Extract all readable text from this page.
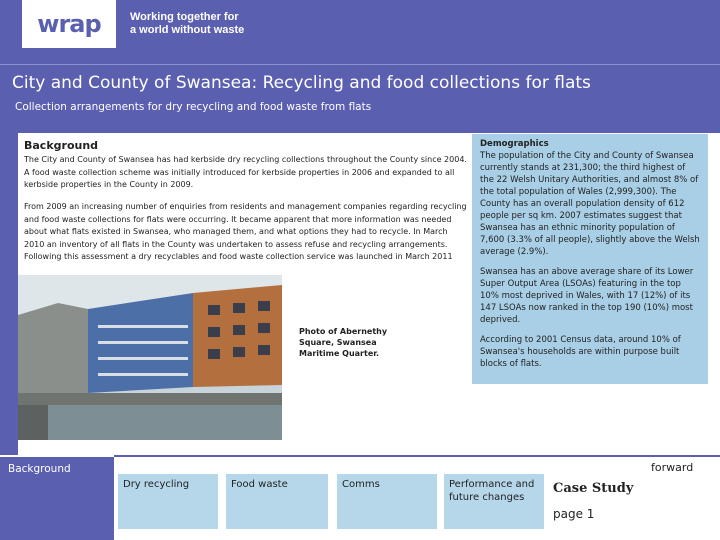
wrap	Working together for
a world without waste
City and County of Swansea: Recycling and food collections for flats
Collection arrangements for dry recycling and food waste from flats
Background
The City and County of Swansea has had kerbside dry recycling collections throughout the County since 2004. A food waste collection scheme was initially introduced for kerbside properties in 2006 and expanded to all kerbside properties in the County in 2009.
From 2009 an increasing number of enquiries from residents and management companies regarding recycling and food waste collections for flats were occurring. It became apparent that more information was needed about what flats existed in Swansea, who managed them, and what options they had to recycle. In March 2010 an inventory of all flats in the County was undertaken to assess refuse and recycling arrangements. Following this assessment a dry recyclables and food waste collection service was launched in March 2011
Photo of Abernethy Square, Swansea Maritime Quarter.
Demographics

The population of the City and County of Swansea currently stands at 231,300; the third highest of the 22 Welsh Unitary Authorities, and almost 8% of the total population of Wales (2,999,300). The County has an overall population density of 612 people per sq km. 2007 estimates suggest that Swansea has an ethnic minority population of 7,600 (3.3% of all people), slightly above the Welsh average (2.9%).

Swansea has an above average share of its Lower Super Output Area (LSOAs) featuring in the top 10% most deprived in Wales, with 17 (12%) of its 147 LSOAs now ranked in the top 190 (10%) most deprived.

According to 2001 Census data, around 10% of Swansea's households are within purpose built blocks of flats.

Background
Dry recycling	Food waste	Comms	Performance and future changes
forward
Case Study
page 1
